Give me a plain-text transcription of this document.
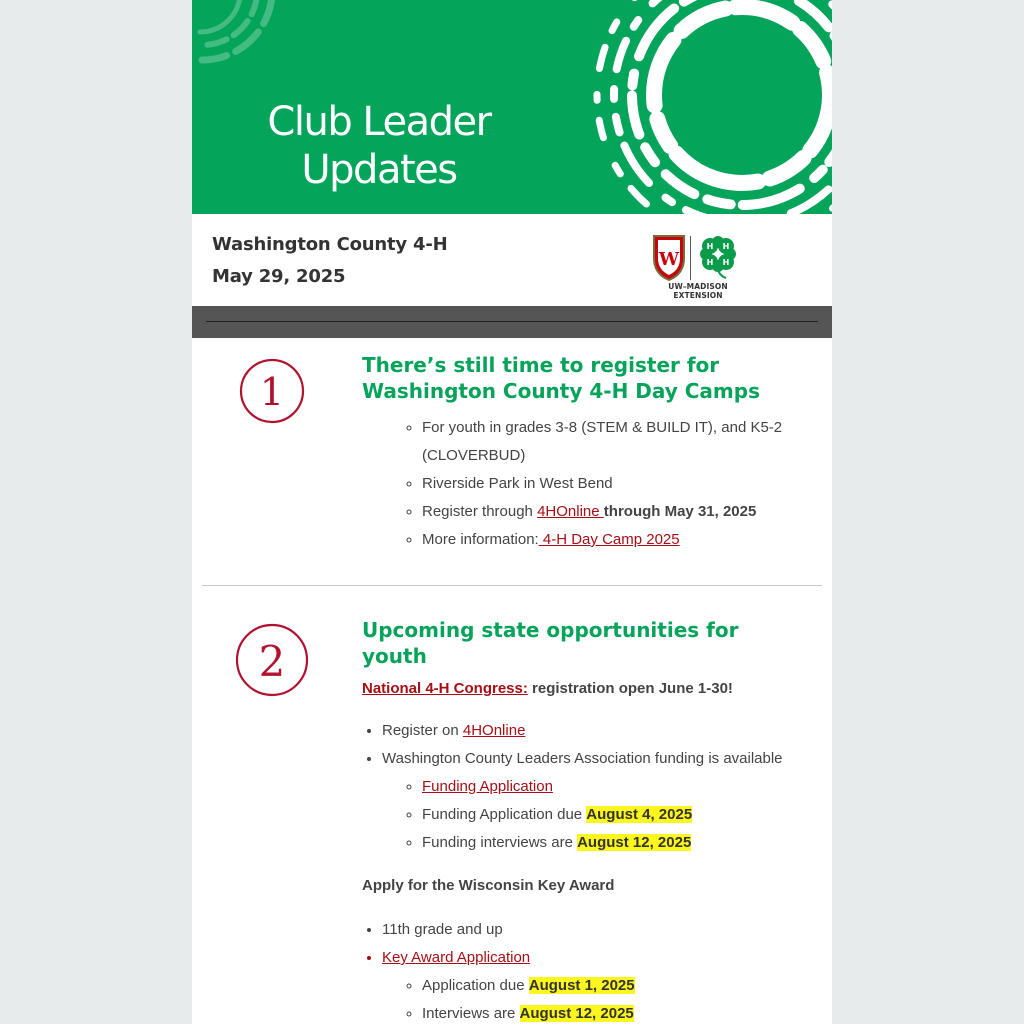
Club Leader
Updates
Washington County 4-H
May 29, 2025
W
H H
H H
UW–MADISON EXTENSION
1
There’s still time to register for Washington County 4-H Day Camps
◦ For youth in grades 3-8 (STEM & BUILD IT), and K5-2 (CLOVERBUD)
◦ Riverside Park in West Bend
◦ Register through 4HOnline through May 31, 2025
◦ More information: 4-H Day Camp 2025
2
Upcoming state opportunities for youth
National 4-H Congress: registration open June 1-30!
• Register on 4HOnline
• Washington County Leaders Association funding is available
◦ Funding Application
◦ Funding Application due August 4, 2025
◦ Funding interviews are August 12, 2025
Apply for the Wisconsin Key Award
• 11th grade and up
• Key Award Application
◦ Application due August 1, 2025
◦ Interviews are August 12, 2025
